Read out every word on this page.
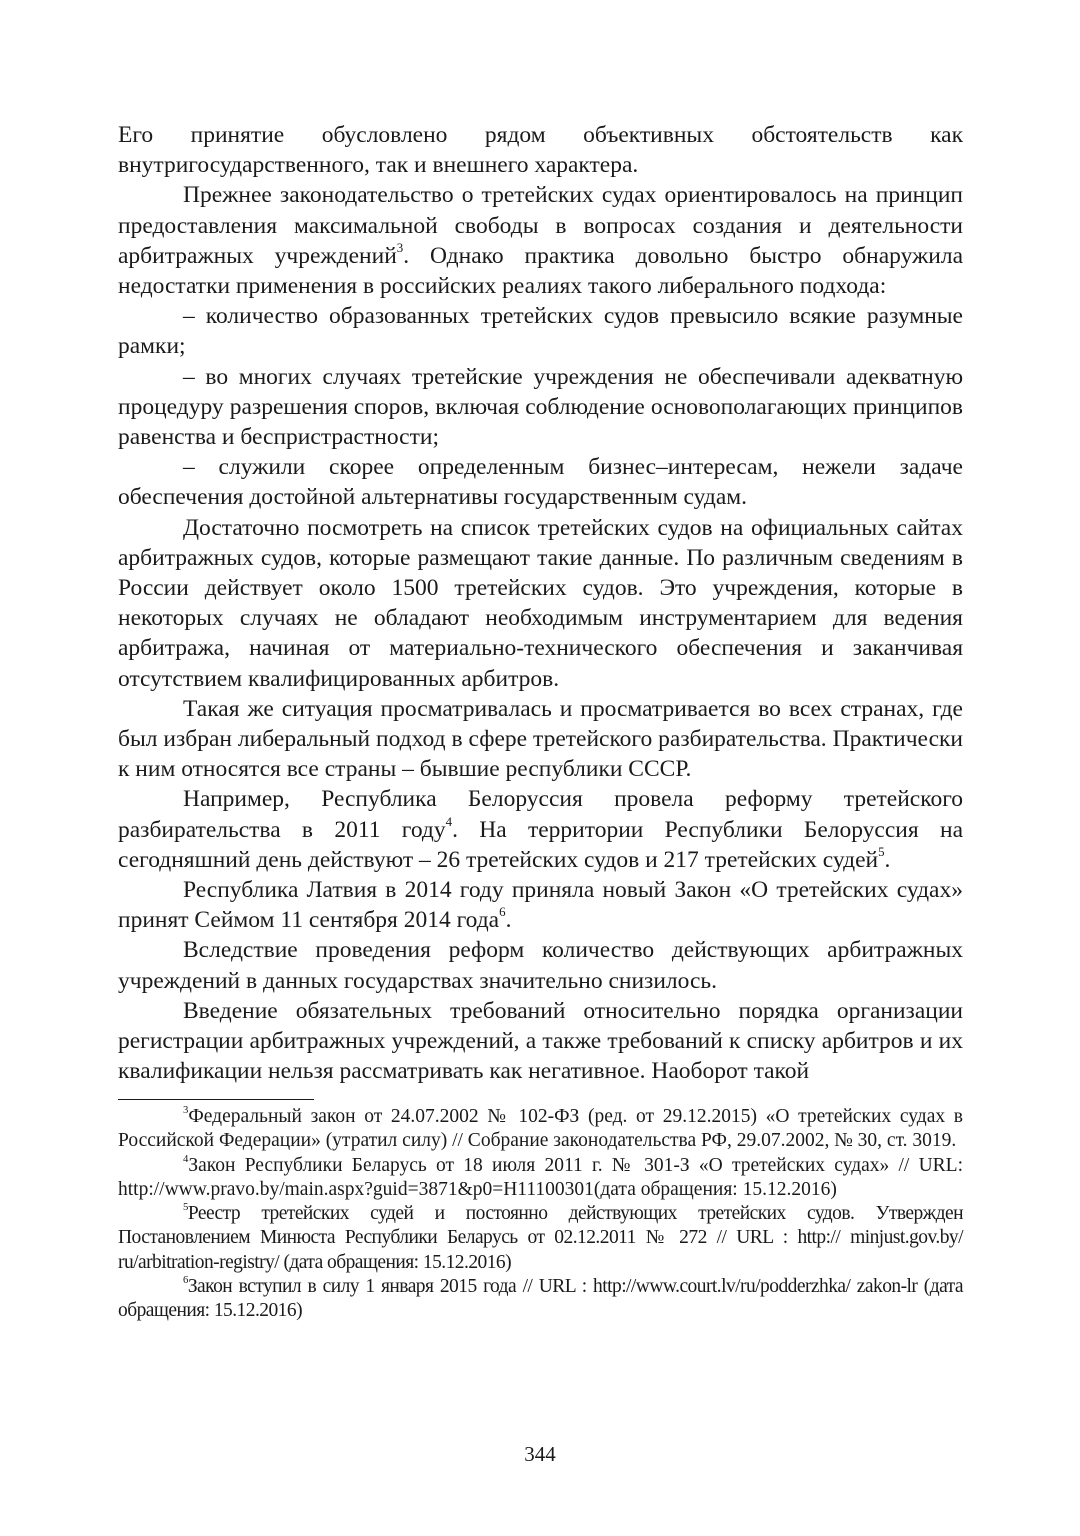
Его принятие обусловлено рядом объективных обстоятельств как внутригосударственного, так и внешнего характера.

Прежнее законодательство о третейских судах ориентировалось на принцип предоставления максимальной свободы в вопросах создания и деятельности арбитражных учреждений$^3$. Однако практика довольно быстро обнаружила недостатки применения в российских реалиях такого либерального подхода:

– количество образованных третейских судов превысило всякие разумные рамки;

– во многих случаях третейские учреждения не обеспечивали адекватную процедуру разрешения споров, включая соблюдение основополагающих принципов равенства и беспристрастности;

– служили скорее определенным бизнес–интересам, нежели задаче обеспечения достойной альтернативы государственным судам.

Достаточно посмотреть на список третейских судов на официальных сайтах арбитражных судов, которые размещают такие данные. По различным сведениям в России действует около 1500 третейских судов. Это учреждения, которые в некоторых случаях не обладают необходимым инструментарием для ведения арбитража, начиная от материально-технического обеспечения и заканчивая отсутствием квалифицированных арбитров.

Такая же ситуация просматривалась и просматривается во всех странах, где был избран либеральный подход в сфере третейского разбирательства. Практически к ним относятся все страны – бывшие республики СССР.

Например, Республика Белоруссия провела реформу третейского разбирательства в 2011 году$^4$. На территории Республики Белоруссия на сегодняшний день действуют – 26 третейских судов и 217 третейских судей$^5$.

Республика Латвия в 2014 году приняла новый Закон «О третейских судах» принят Сеймом 11 сентября 2014 года$^6$.

Вследствие проведения реформ количество действующих арбитражных учреждений в данных государствах значительно снизилось.

Введение обязательных требований относительно порядка организации регистрации арбитражных учреждений, а также требований к списку арбитров и их квалификации нельзя рассматривать как негативное. Наоборот такой

$^3$Федеральный закон от 24.07.2002 № 102-ФЗ (ред. от 29.12.2015) «О третейских судах в Российской Федерации» (утратил силу) // Собрание законодательства РФ, 29.07.2002, № 30, ст. 3019.

$^4$Закон Республики Беларусь от 18 июля 2011 г. № 301-З «О третейских судах» // URL: http://www.pravo.by/main.aspx?guid=3871&p0=H11100301(дата обращения: 15.12.2016)

$^5$Реестр третейских судей и постоянно действующих третейских судов. Утвержден Постановлением Минюста Республики Беларусь от 02.12.2011 № 272 // URL : http:// minjust.gov.by/ ru/arbitration-registry/ (дата обращения: 15.12.2016)

$^6$Закон вступил в силу 1 января 2015 года // URL : http://www.court.lv/ru/podderzhka/ zakon-lr (дата обращения: 15.12.2016)

344
